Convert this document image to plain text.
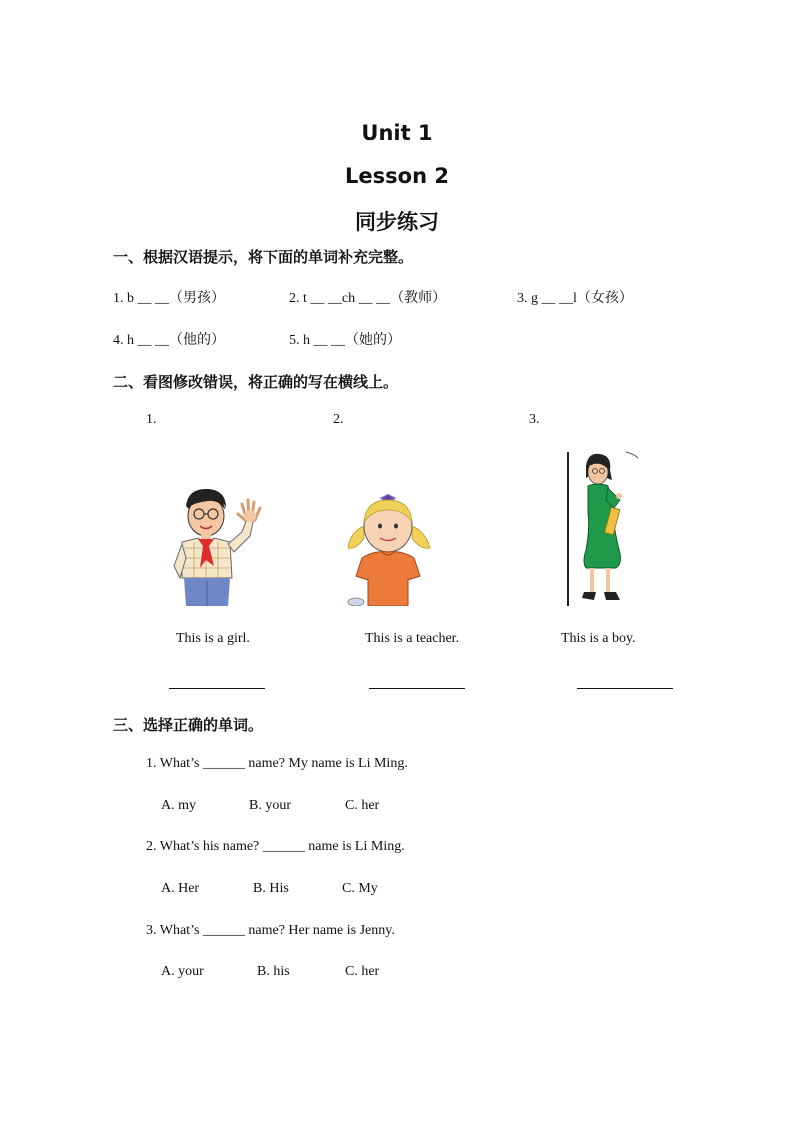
Unit 1
Lesson 2
同步练习
一、根据汉语提示，将下面的单词补充完整。
1. b __ __（男孩）	2. t __ __ch __ __（教师）	3. g __ __l（女孩）
4. h __ __（他的）	5. h __ __（她的）
二、看图修改错误，将正确的写在横线上。
1.	2.	3.
This is a girl.	This is a teacher.	This is a boy.
三、选择正确的单词。
1. What’s ______ name? My name is Li Ming.
A. my	B. your	C. her
2. What’s his name? ______ name is Li Ming.
A. Her	B. His	C. My
3. What’s ______ name? Her name is Jenny.
A. your	B. his	C. her
